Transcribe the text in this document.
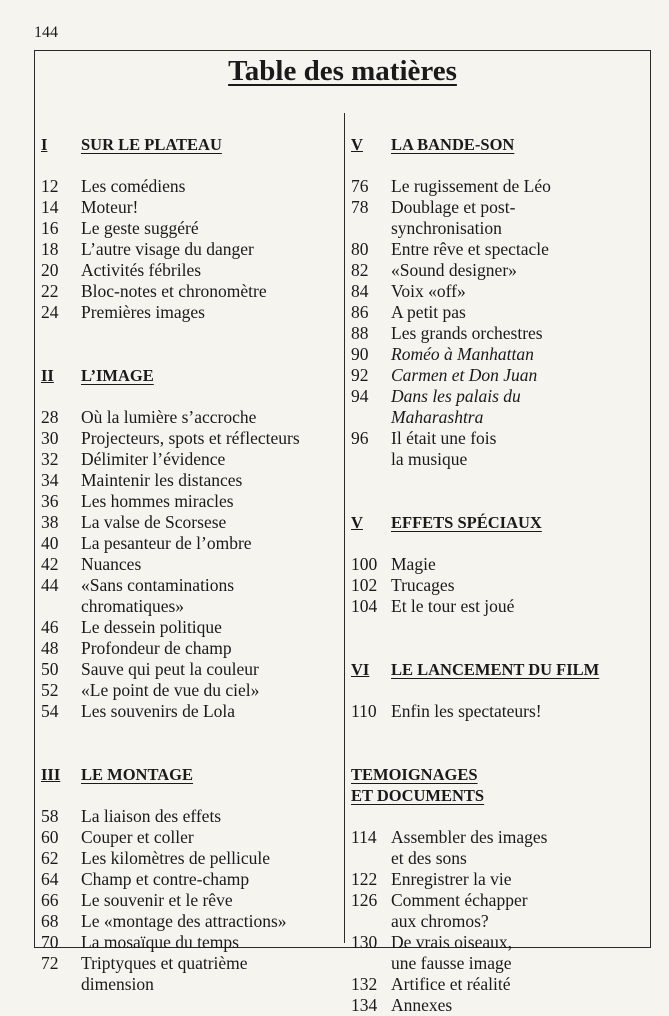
144
Table des matières
I	SUR LE PLATEAU
12	Les comédiens
14	Moteur!
16	Le geste suggéré
18	L’autre visage du danger
20	Activités fébriles
22	Bloc-notes et chronomètre
24	Premières images
II	L’IMAGE
28	Où la lumière s’accroche
30	Projecteurs, spots et réflecteurs
32	Délimiter l’évidence
34	Maintenir les distances
36	Les hommes miracles
38	La valse de Scorsese
40	La pesanteur de l’ombre
42	Nuances
44	«Sans contaminations
chromatiques»
46	Le dessein politique
48	Profondeur de champ
50	Sauve qui peut la couleur
52	«Le point de vue du ciel»
54	Les souvenirs de Lola
III	LE MONTAGE
58	La liaison des effets
60	Couper et coller
62	Les kilomètres de pellicule
64	Champ et contre-champ
66	Le souvenir et le rêve
68	Le «montage des attractions»
70	La mosaïque du temps
72	Triptyques et quatrième
dimension
V	LA BANDE-SON
76	Le rugissement de Léo
78	Doublage et post-
synchronisation
80	Entre rêve et spectacle
82	«Sound designer»
84	Voix «off»
86	A petit pas
88	Les grands orchestres
90	Roméo à Manhattan
92	Carmen et Don Juan
94	Dans les palais du
Maharashtra
96	Il était une fois
la musique
V	EFFETS SPÉCIAUX
100 Magie
102 Trucages
104 Et le tour est joué
VI	LE LANCEMENT DU FILM
110 Enfin les spectateurs!
TEMOIGNAGES
ET DOCUMENTS
114 Assembler des images
et des sons
122 Enregistrer la vie
126 Comment échapper
aux chromos?
130 De vrais oiseaux,
une fausse image
132 Artifice et réalité
134 Annexes
